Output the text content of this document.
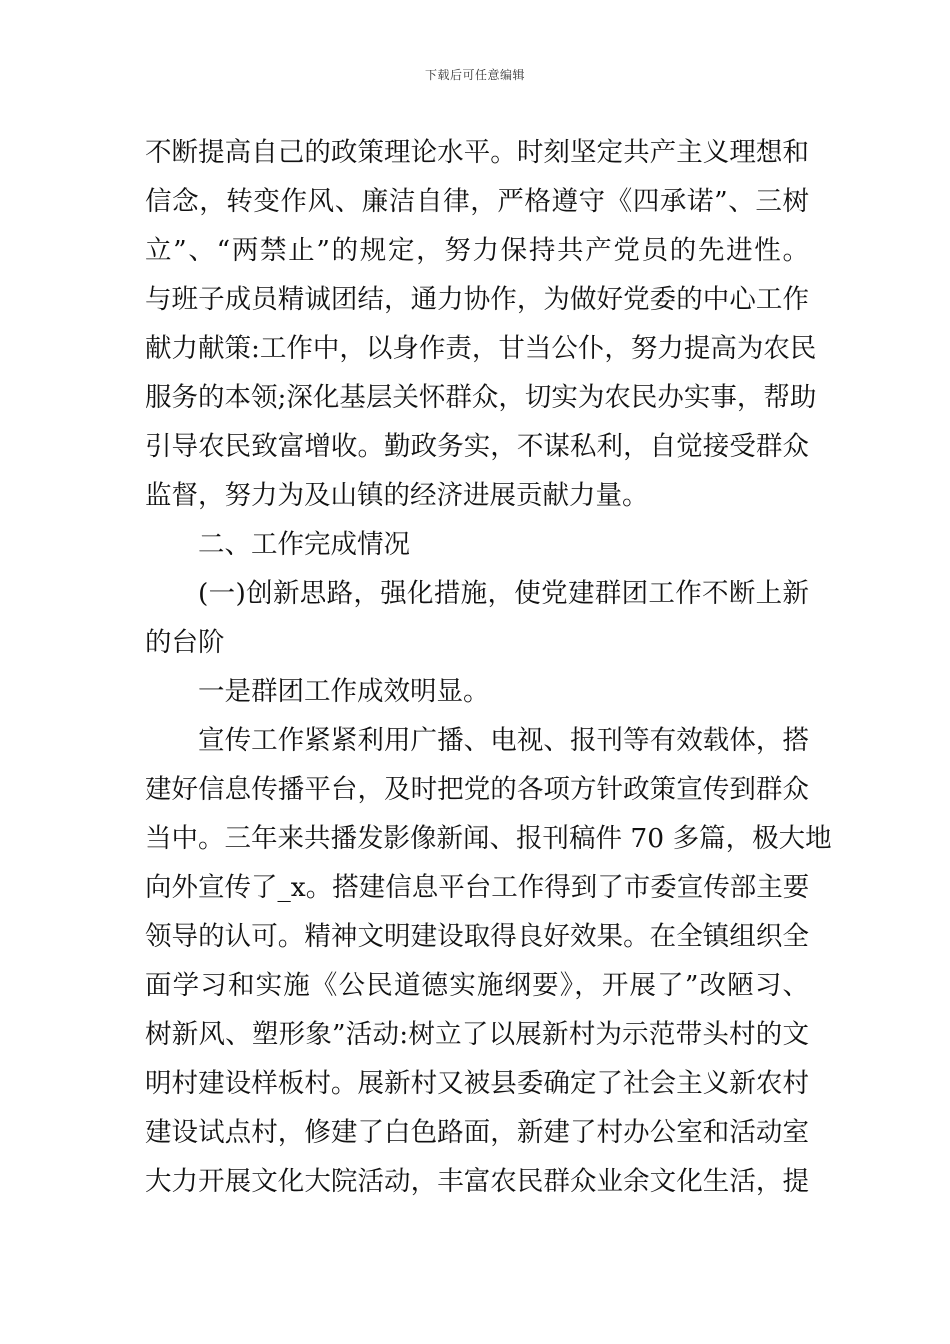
下载后可任意编辑
不断提高自己的政策理论水平。时刻坚定共产主义理想和
信念，转变作风、廉洁自律，严格遵守《四承诺”、三树
立”、“两禁止”的规定，努力保持共产党员的先进性。
与班子成员精诚团结，通力协作，为做好党委的中心工作
献力献策:工作中，以身作责，甘当公仆，努力提高为农民
服务的本领;深化基层关怀群众，切实为农民办实事，帮助
引导农民致富增收。勤政务实，不谋私利，自觉接受群众
监督，努力为及山镇的经济进展贡献力量。
二、工作完成情况
(一)创新思路，强化措施，使党建群团工作不断上新
的台阶
一是群团工作成效明显。
宣传工作紧紧利用广播、电视、报刊等有效载体，搭
建好信息传播平台，及时把党的各项方针政策宣传到群众
当中。三年来共播发影像新闻、报刊稿件 70 多篇，极大地
向外宣传了_x。搭建信息平台工作得到了市委宣传部主要
领导的认可。精神文明建设取得良好效果。在全镇组织全
面学习和实施《公民道德实施纲要》，开展了”改陋习、
树新风、塑形象”活动:树立了以展新村为示范带头村的文
明村建设样板村。展新村又被县委确定了社会主义新农村
建设试点村，修建了白色路面，新建了村办公室和活动室
大力开展文化大院活动，丰富农民群众业余文化生活，提
